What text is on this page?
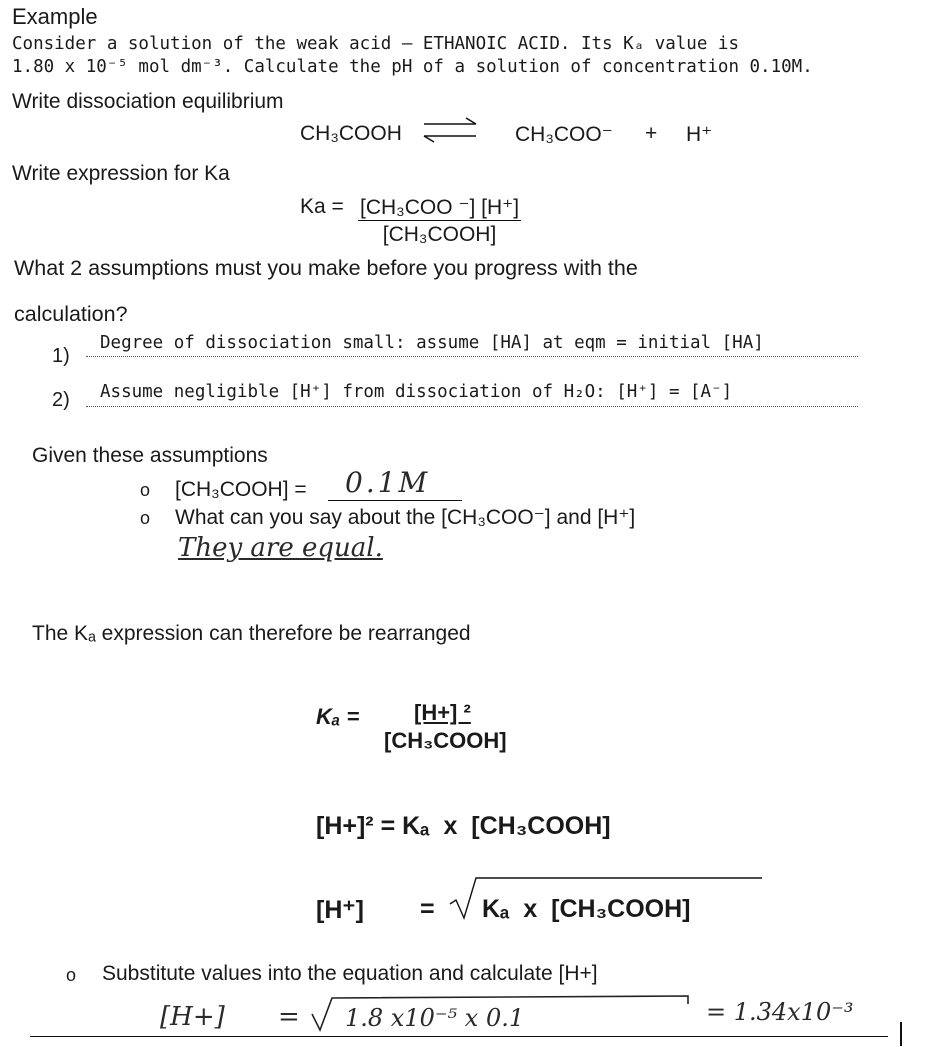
Example
Consider a solution of the weak acid – ETHANOIC ACID. Its Kₐ value is
1.80 x 10⁻⁵ mol dm⁻³. Calculate the pH of a solution of concentration 0.10M.
Write dissociation equilibrium
CH₃COOH ⇌ CH₃COO⁻ + H⁺
Write expression for Ka
Ka = [CH₃COO ⁻] [H⁺]
[CH₃COOH]
What 2 assumptions must you make before you progress with the
calculation?
1)
Degree of dissociation small: assume [HA] at eqm = initial [HA]
2) Assume negligible [H⁺] from dissociation of H₂O: [H⁺] = [A⁻]
Given these assumptions
o [CH₃COOH] = 0.1M
o What can you say about the [CH₃COO⁻] and [H⁺]
They are equal.
The Kₐ expression can therefore be rearranged
Kₐ =	[H+] ²
[CH₃COOH]
[H+]² = Kₐ  x  [CH₃COOH]
[H⁺] = Kₐ  x  [CH₃COOH]
o Substitute values into the equation and calculate [H+]
[H+] = 1.8 x10⁻⁵ x 0.1	= 1.34x10⁻³
